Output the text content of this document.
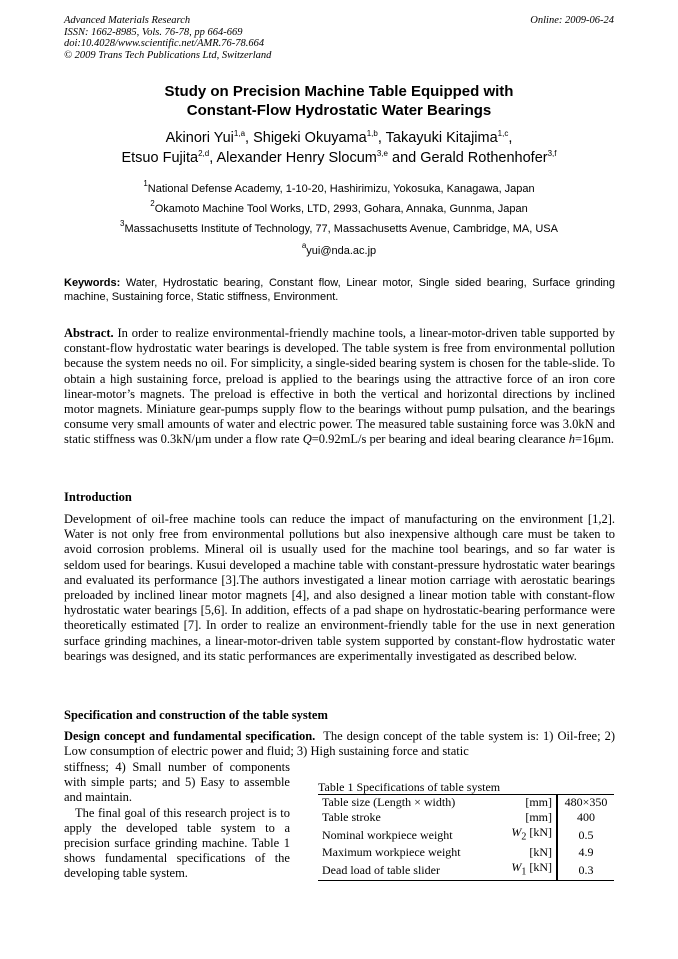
Advanced Materials Research
ISSN: 1662-8985, Vols. 76-78, pp 664-669
doi:10.4028/www.scientific.net/AMR.76-78.664
© 2009 Trans Tech Publications Ltd, Switzerland
Online: 2009-06-24
Study on Precision Machine Table Equipped with
Constant-Flow Hydrostatic Water Bearings
Akinori Yui$^{1,a}$, Shigeki Okuyama$^{1,b}$, Takayuki Kitajima$^{1,c}$,
Etsuo Fujita$^{2,d}$, Alexander Henry Slocum$^{3,e}$ and Gerald Rothenhofer$^{3,f}$
$^1$National Defense Academy, 1-10-20, Hashirimizu, Yokosuka, Kanagawa, Japan
$^2$Okamoto Machine Tool Works, LTD, 2993, Gohara, Annaka, Gunnma, Japan
$^3$Massachusetts Institute of Technology, 77, Massachusetts Avenue, Cambridge, MA, USA
$^a$yui@nda.ac.jp
Keywords: Water, Hydrostatic bearing, Constant flow, Linear motor, Single sided bearing, Surface grinding machine, Sustaining force, Static stiffness, Environment.
Abstract. In order to realize environmental-friendly machine tools, a linear-motor-driven table supported by constant-flow hydrostatic water bearings is developed. The table system is free from environmental pollution because the system needs no oil. For simplicity, a single-sided bearing system is chosen for the table-slide. To obtain a high sustaining force, preload is applied to the bearings using the attractive force of an iron core linear-motor’s magnets. The preload is effective in both the vertical and horizontal directions by inclined motor magnets. Miniature gear-pumps supply flow to the bearings without pump pulsation, and the bearings consume very small amounts of water and electric power. The measured table sustaining force was 3.0kN and static stiffness was 0.3kN/μm under a flow rate Q=0.92mL/s per bearing and ideal bearing clearance h=16μm.
Introduction
Development of oil-free machine tools can reduce the impact of manufacturing on the environment [1,2]. Water is not only free from environmental pollutions but also inexpensive although care must be taken to avoid corrosion problems. Mineral oil is usually used for the machine tool bearings, and so far water is seldom used for bearings. Kusui developed a machine table with constant-pressure hydrostatic water bearings and evaluated its performance [3].The authors investigated a linear motion carriage with aerostatic bearings preloaded by inclined linear motor magnets [4], and also designed a linear motion table with constant-flow hydrostatic water bearings [5,6]. In addition, effects of a pad shape on hydrostatic-bearing performance were theoretically estimated [7]. In order to realize an environment-friendly table for the use in next generation surface grinding machines, a linear-motor-driven table system supported by constant-flow hydrostatic water bearings was designed, and its static performances are experimentally investigated as described below.
Specification and construction of the table system
Design concept and fundamental specification. The design concept of the table system is: 1) Oil-free; 2) Low consumption of electric power and fluid; 3) High sustaining force and static

stiffness; 4) Small number of components with simple parts; and 5) Easy to assemble and maintain.

The final goal of this research project is to apply the developed table system to a precision surface grinding machine. Table 1 shows fundamental specifications of the developing table system.

Table 1 Specifications of table system
Table size (Length × width)	[mm]	480×350
Table stroke	[mm]	400
Nominal workpiece weight	$W_2$ [kN]	0.5
Maximum workpiece weight	[kN]	4.9
Dead load of table slider	$W_1$ [kN]	0.3
